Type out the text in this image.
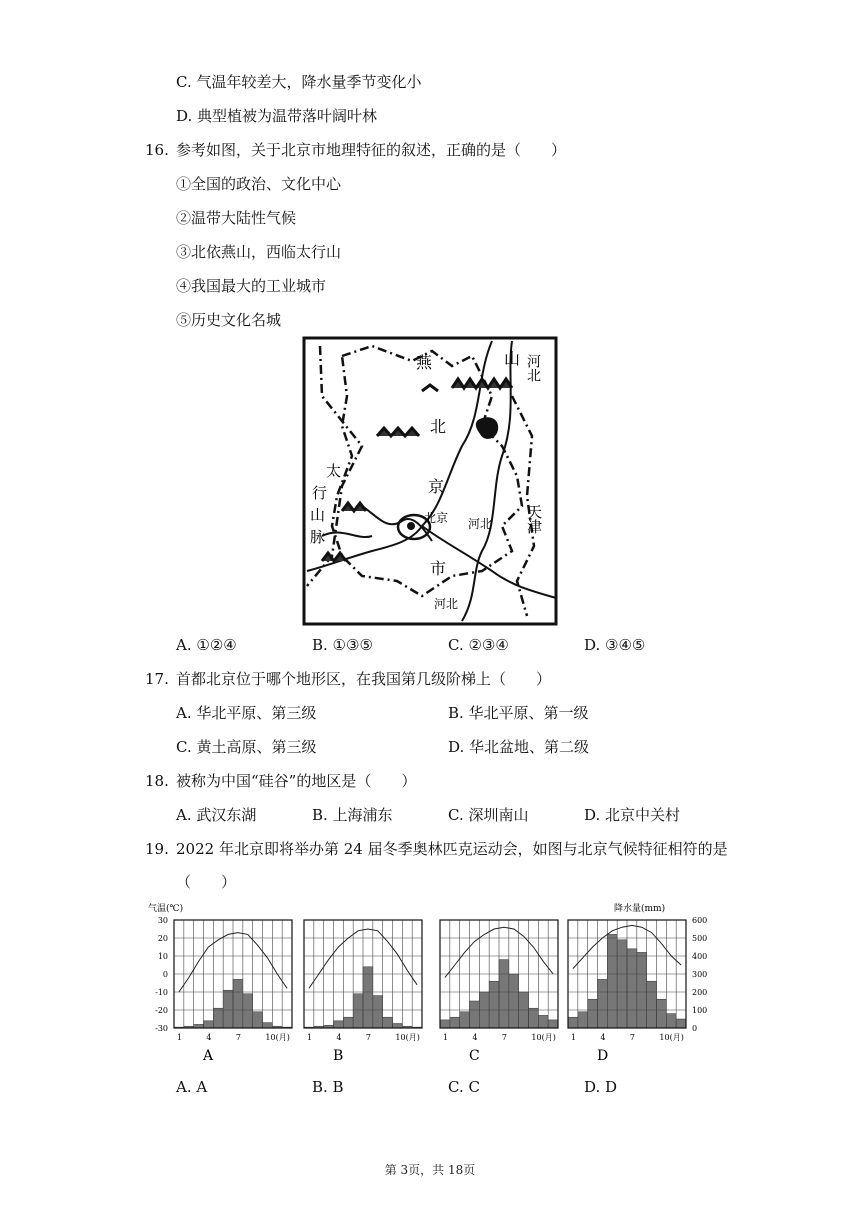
C. 气温年较差大，降水量季节变化小
D. 典型植被为温带落叶阔叶林
16. 参考如图，关于北京市地理特征的叙述，正确的是（　　）
①全国的政治、文化中心
②温带大陆性气候
③北依燕山，西临太行山
④我国最大的工业城市
⑤历史文化名城
燕	山 河北
北
京
太
行
山
脉
天津
北京 河北
市
河北
A. ①②④	B. ①③⑤	C. ②③④	D. ③④⑤
17. 首都北京位于哪个地形区，在我国第几级阶梯上（　　）
A. 华北平原、第三级	B. 华北平原、第一级
C. 黄土高原、第三级	D. 华北盆地、第二级
18. 被称为中国“硅谷”的地区是（　　）
A. 武汉东湖	B. 上海浦东	C. 深圳南山	D. 北京中关村
19. 2022 年北京即将举办第 24 届冬季奥林匹克运动会，如图与北京气候特征相符的是
（　　）
气温(℃)	降水量(mm)
30
20
10
0
-10
-20
-30
600
500
400
300
200
100
0
1	4	7	10(月)
A
1	4	7	10(月)
B
1	4	7	10(月)
C
1	4	7	10(月)
D
A. A	B. B	C. C	D. D
第 3页，共 18页
